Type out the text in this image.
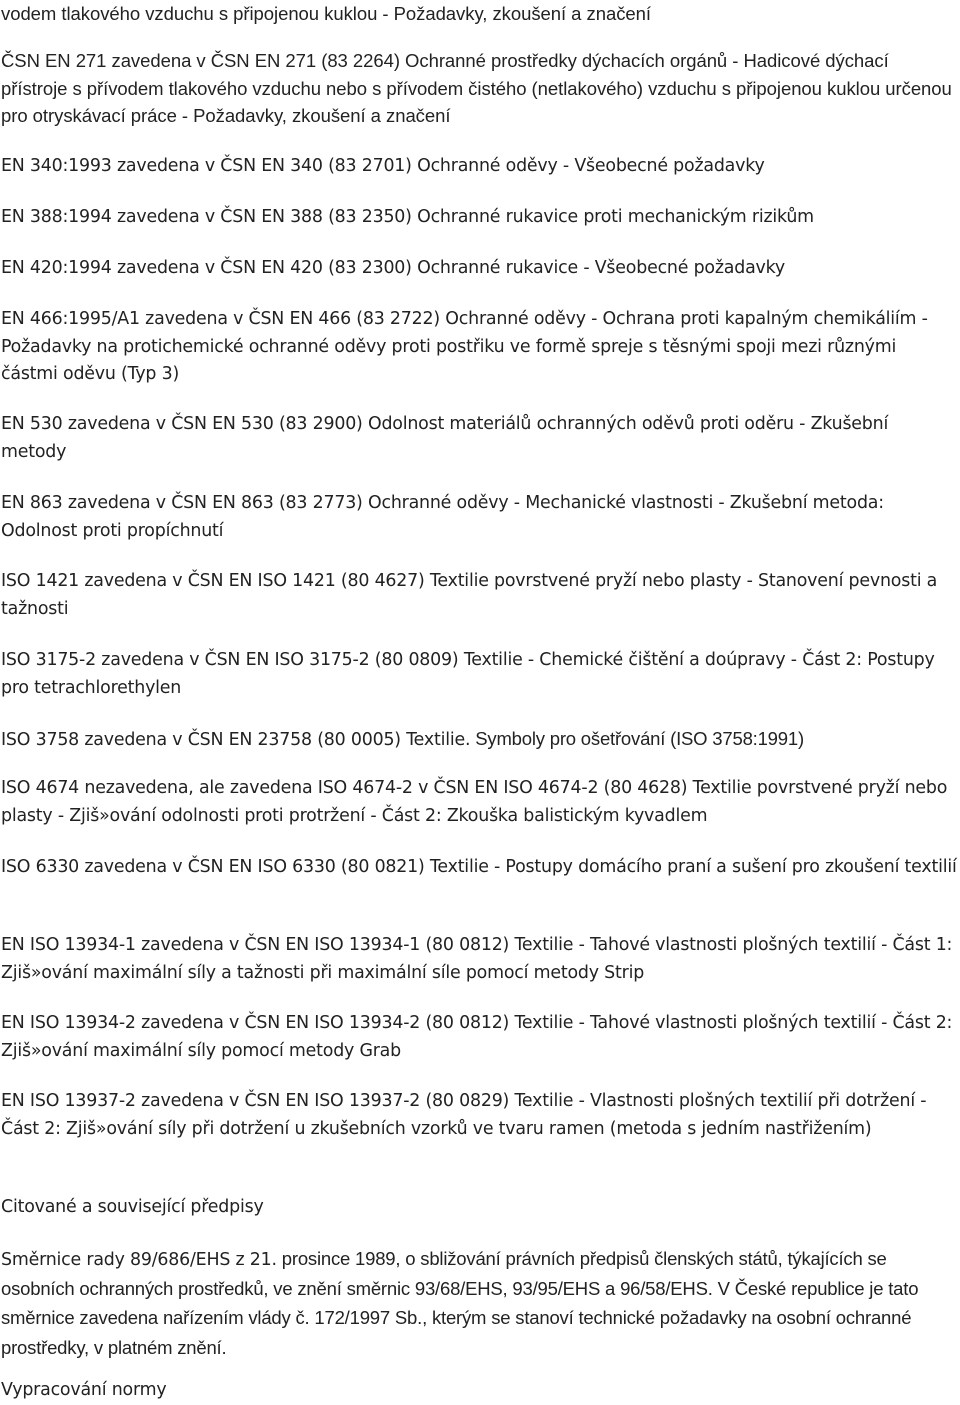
vodem tlakového vzduchu s připojenou kuklou - Požadavky, zkoušení a značení

ČSN EN 271 zavedena v ČSN EN 271 (83 2264) Ochranné prostředky dýchacích orgánů - Hadicové dýchací přístroje s přívodem tlakového vzduchu nebo s přívodem čistého (netlakového) vzduchu s připojenou kuklou určenou pro otryskávací práce - Požadavky, zkoušení a značení

EN 340:1993 zavedena v ČSN EN 340 (83 2701) Ochranné oděvy - Všeobecné požadavky

EN 388:1994 zavedena v ČSN EN 388 (83 2350) Ochranné rukavice proti mechanickým rizikům

EN 420:1994 zavedena v ČSN EN 420 (83 2300) Ochranné rukavice - Všeobecné požadavky

EN 466:1995/A1 zavedena v ČSN EN 466 (83 2722) Ochranné oděvy - Ochrana proti kapalným chemikáliím - Požadavky na protichemické ochranné oděvy proti postřiku ve formě spreje s těsnými spoji mezi různými částmi oděvu (Typ 3)

EN 530 zavedena v ČSN EN 530 (83 2900) Odolnost materiálů ochranných oděvů proti oděru - Zkušební metody

EN 863 zavedena v ČSN EN 863 (83 2773) Ochranné oděvy - Mechanické vlastnosti - Zkušební metoda: Odolnost proti propíchnutí

ISO 1421 zavedena v ČSN EN ISO 1421 (80 4627) Textilie povrstvené pryží nebo plasty - Stanovení pevnosti a tažnosti

ISO 3175-2 zavedena v ČSN EN ISO 3175-2 (80 0809) Textilie - Chemické čištění a doúpravy - Část 2: Postupy pro tetrachlorethylen

ISO 3758 zavedena v ČSN EN 23758 (80 0005) Textilie. Symboly pro ošetřování (ISO 3758:1991)

ISO 4674 nezavedena, ale zavedena ISO 4674-2 v ČSN EN ISO 4674-2 (80 4628) Textilie povrstvené pryží nebo plasty - Zjiš»ování odolnosti proti protržení - Část 2: Zkouška balistickým kyvadlem

ISO 6330 zavedena v ČSN EN ISO 6330 (80 0821) Textilie - Postupy domácího praní a sušení pro zkoušení textilií

EN ISO 13934-1 zavedena v ČSN EN ISO 13934-1 (80 0812) Textilie - Tahové vlastnosti plošných textilií - Část 1: Zjiš»ování maximální síly a tažnosti při maximální síle pomocí metody Strip

EN ISO 13934-2 zavedena v ČSN EN ISO 13934-2 (80 0812) Textilie - Tahové vlastnosti plošných textilií - Část 2: Zjiš»ování maximální síly pomocí metody Grab

EN ISO 13937-2 zavedena v ČSN EN ISO 13937-2 (80 0829) Textilie - Vlastnosti plošných textilií při dotržení - Část 2: Zjiš»ování síly při dotržení u zkušebních vzorků ve tvaru ramen (metoda s jedním nastřižením)

Citované a související předpisy

Směrnice rady 89/686/EHS z 21. prosince 1989, o sbližování právních předpisů členských států, týkajících se osobních ochranných prostředků, ve znění směrnic 93/68/EHS, 93/95/EHS a 96/58/EHS. V České republice je tato směrnice zavedena nařízením vlády č. 172/1997 Sb., kterým se stanoví technické požadavky na osobní ochranné prostředky, v platném znění.

Vypracování normy
